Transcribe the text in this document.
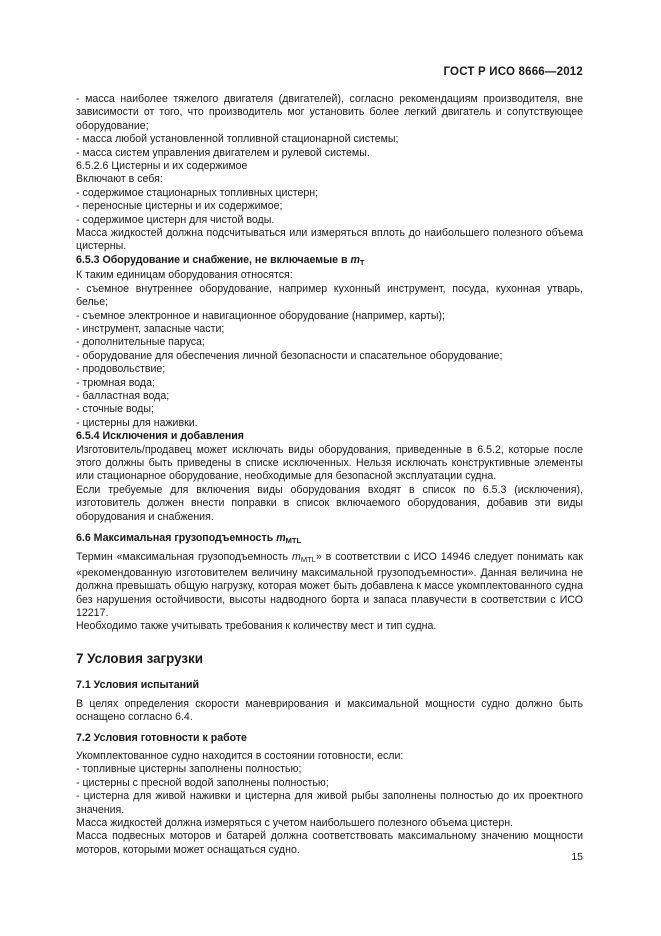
ГОСТ Р ИСО 8666—2012

- масса наиболее тяжелого двигателя (двигателей), согласно рекомендациям производителя, вне зависимости от того, что производитель мог установить более легкий двигатель и сопутствующее оборудование;

- масса любой установленной топливной стационарной системы;

- масса систем управления двигателем и рулевой системы.

6.5.2.6 Цистерны и их содержимое

Включают в себя:

- содержимое стационарных топливных цистерн;

- переносные цистерны и их содержимое;

- содержимое цистерн для чистой воды.

Масса жидкостей должна подсчитываться или измеряться вплоть до наибольшего полезного объема цистерны.

6.5.3 Оборудование и снабжение, не включаемые в $m_T$

К таким единицам оборудования относятся:

- съемное внутреннее оборудование, например кухонный инструмент, посуда, кухонная утварь, белье;

- съемное электронное и навигационное оборудование (например, карты);

- инструмент, запасные части;

- дополнительные паруса;

- оборудование для обеспечения личной безопасности и спасательное оборудование;

- продовольствие;

- трюмная вода;

- балластная вода;

- сточные воды;

- цистерны для наживки.

6.5.4 Исключения и добавления

Изготовитель/продавец может исключать виды оборудования, приведенные в 6.5.2, которые после этого должны быть приведены в списке исключенных. Нельзя исключать конструктивные элементы или стационарное оборудование, необходимые для безопасной эксплуатации судна.

Если требуемые для включения виды оборудования входят в список по 6.5.3 (исключения), изготовитель должен внести поправки в список включаемого оборудования, добавив эти виды оборудования и снабжения.

6.6 Максимальная грузоподъемность $m_{MTL}$

Термин «максимальная грузоподъемность $m_{MTL}$» в соответствии с ИСО 14946 следует понимать как «рекомендованную изготовителем величину максимальной грузоподъемности». Данная величина не должна превышать общую нагрузку, которая может быть добавлена к массе укомплектованного судна без нарушения остойчивости, высоты надводного борта и запаса плавучести в соответствии с ИСО 12217.

Необходимо также учитывать требования к количеству мест и тип судна.

7 Условия загрузки

7.1 Условия испытаний

В целях определения скорости маневрирования и максимальной мощности судно должно быть оснащено согласно 6.4.

7.2 Условия готовности к работе

Укомплектованное судно находится в состоянии готовности, если:

- топливные цистерны заполнены полностью;

- цистерны с пресной водой заполнены полностью;

- цистерна для живой наживки и цистерна для живой рыбы заполнены полностью до их проектного значения.

Масса жидкостей должна измеряться с учетом наибольшего полезного объема цистерн.

Масса подвесных моторов и батарей должна соответствовать максимальному значению мощности моторов, которыми может оснащаться судно.

15
